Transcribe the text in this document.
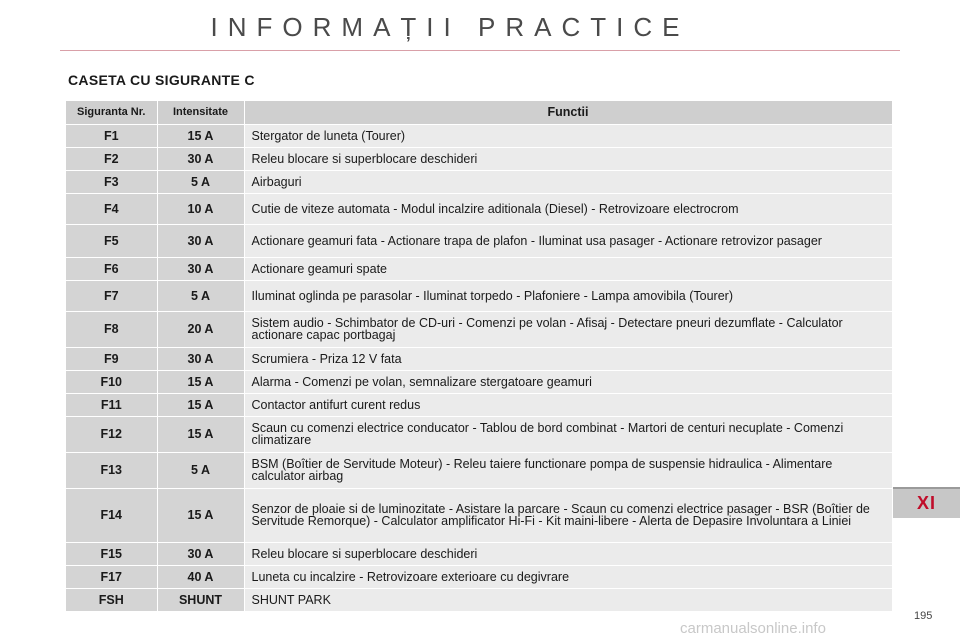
INFORMAȚII PRACTICE
CASETA CU SIGURANTE C
Siguranta Nr.	Intensitate	Functii
F1	15 A	Stergator de luneta (Tourer)
F2	30 A	Releu blocare si superblocare deschideri
F3	5 A	Airbaguri
F4	10 A	Cutie de viteze automata - Modul incalzire aditionala (Diesel) - Retrovizoare electrocrom
F5	30 A	Actionare geamuri fata - Actionare trapa de plafon - Iluminat usa pasager - Actionare retrovizor pasager
F6	30 A	Actionare geamuri spate
F7	5 A	Iluminat oglinda pe parasolar - Iluminat torpedo - Plafoniere - Lampa amovibila (Tourer)
F8	20 A	Sistem audio - Schimbator de CD-uri - Comenzi pe volan - Afisaj - Detectare pneuri dezumflate - Calculator actionare capac portbagaj
F9	30 A	Scrumiera - Priza 12 V fata
F10	15 A	Alarma - Comenzi pe volan, semnalizare stergatoare geamuri
F11	15 A	Contactor antifurt curent redus
F12	15 A	Scaun cu comenzi electrice conducator - Tablou de bord combinat - Martori de centuri necuplate - Comenzi climatizare
F13	5 A	BSM (Boîtier de Servitude Moteur) - Releu taiere functionare pompa de suspensie hidraulica - Alimentare calculator airbag
F14	15 A	Senzor de ploaie si de luminozitate - Asistare la parcare - Scaun cu comenzi electrice pasager - BSR (Boîtier de Servitude Remorque) - Calculator amplificator Hi-Fi - Kit maini-libere - Alerta de Depasire Involuntara a Liniei
F15	30 A	Releu blocare si superblocare deschideri
F17	40 A	Luneta cu incalzire - Retrovizoare exterioare cu degivrare
FSH	SHUNT	SHUNT PARK
XI
195
carmanualsonline.info
